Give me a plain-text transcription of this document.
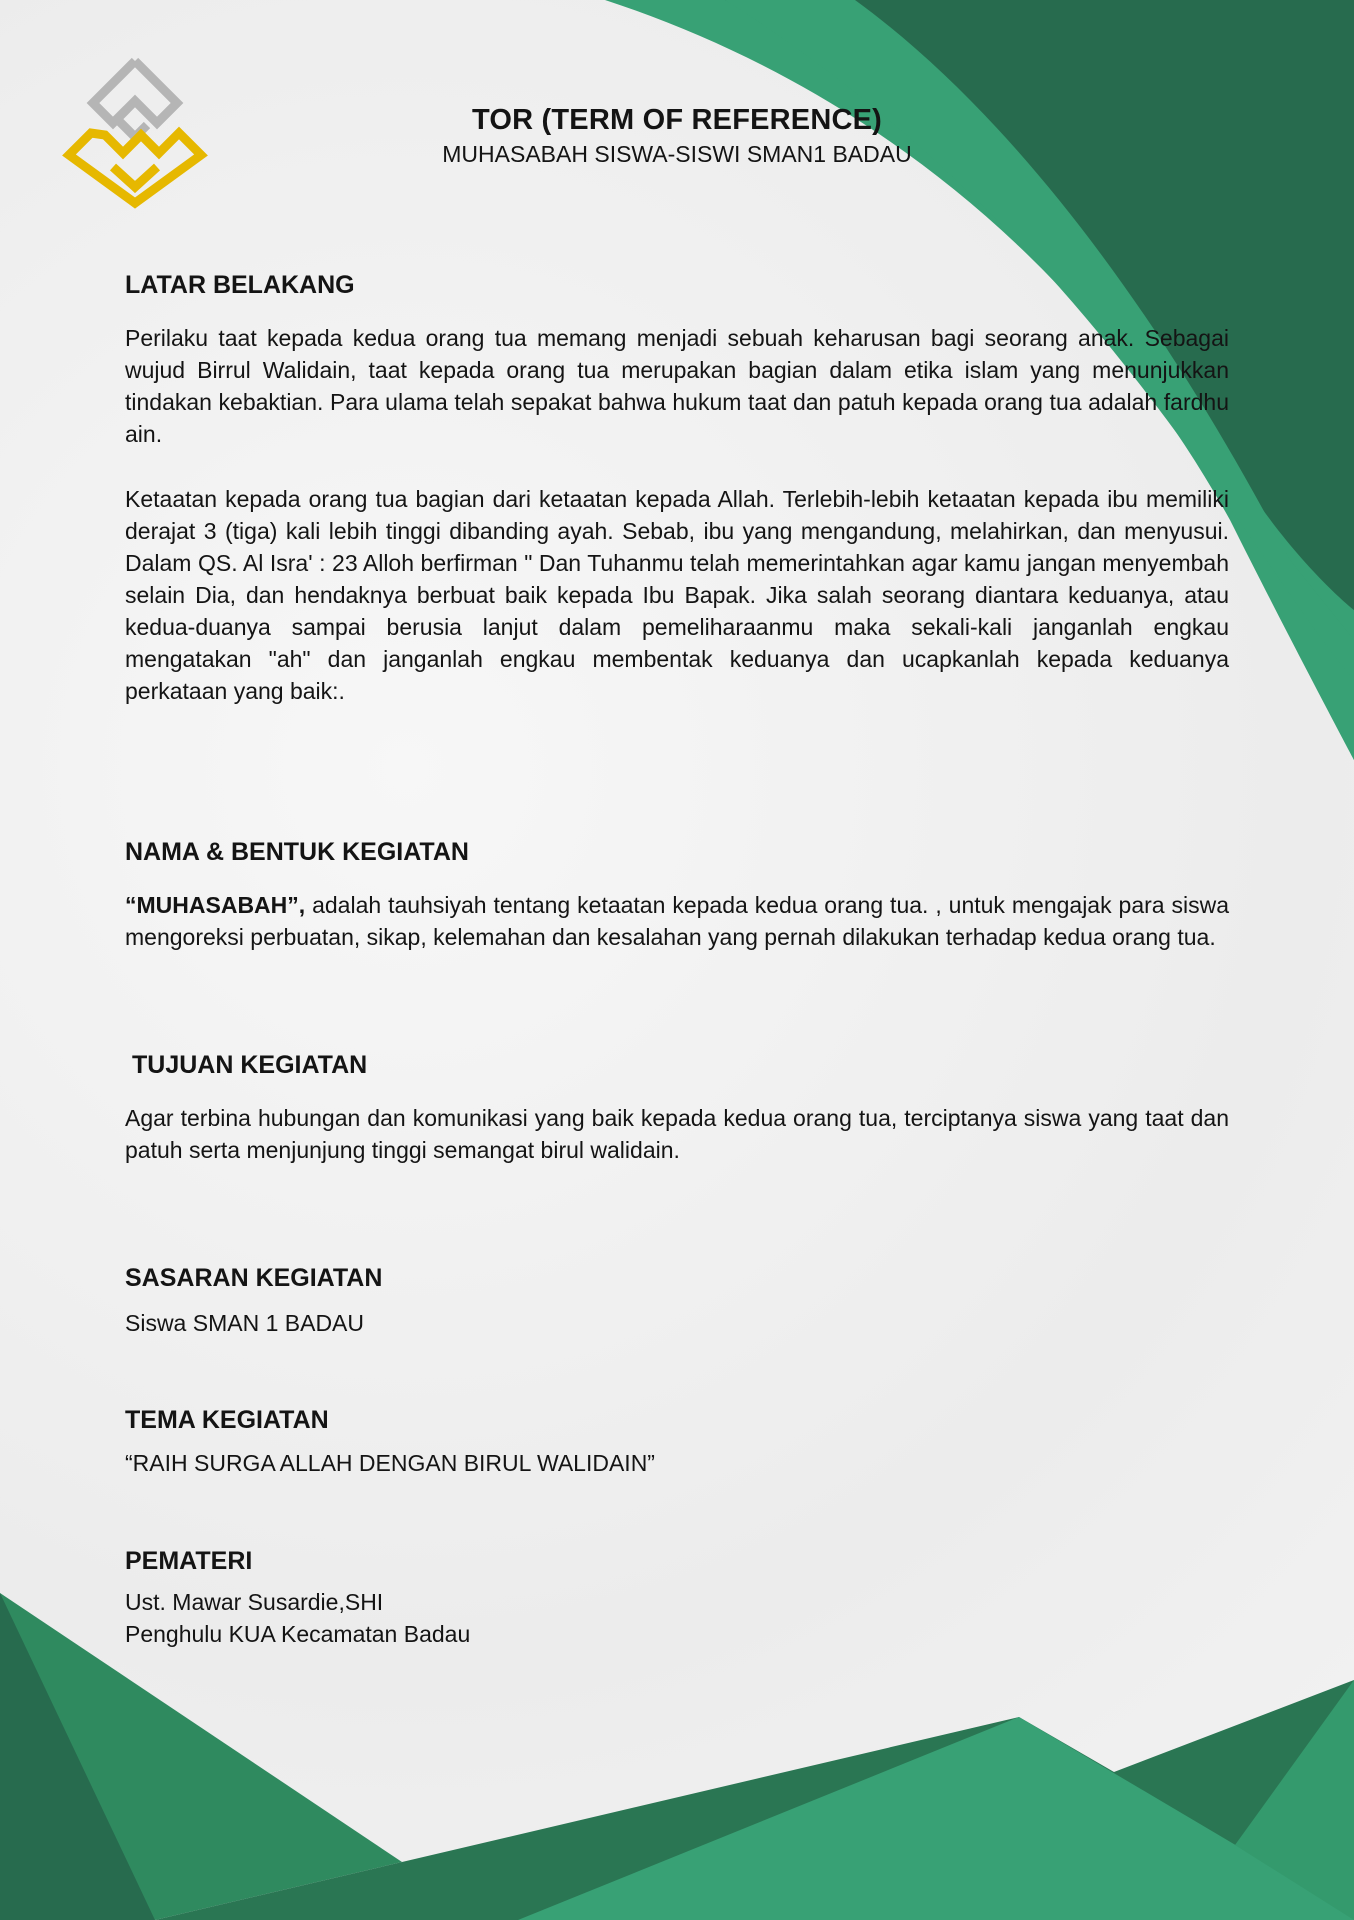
TOR (TERM OF REFERENCE)
MUHASABAH SISWA-SISWI SMAN1 BADAU
LATAR BELAKANG
Perilaku taat kepada kedua orang tua memang menjadi sebuah keharusan bagi seorang anak. Sebagai wujud Birrul Walidain, taat kepada orang tua merupakan bagian dalam etika islam yang menunjukkan tindakan kebaktian. Para ulama telah sepakat bahwa hukum taat dan patuh kepada orang tua adalah fardhu ain.
Ketaatan kepada orang tua bagian dari ketaatan kepada Allah. Terlebih-lebih ketaatan kepada ibu memiliki derajat 3 (tiga) kali lebih tinggi dibanding ayah. Sebab, ibu yang mengandung, melahirkan, dan menyusui. Dalam QS. Al Isra' : 23 Alloh berfirman " Dan Tuhanmu telah memerintahkan agar kamu jangan menyembah selain Dia, dan hendaknya berbuat baik kepada Ibu Bapak. Jika salah seorang diantara keduanya, atau kedua-duanya sampai berusia lanjut dalam pemeliharaanmu maka sekali-kali janganlah engkau mengatakan "ah" dan janganlah engkau membentak keduanya dan ucapkanlah kepada keduanya perkataan yang baik:.
NAMA & BENTUK KEGIATAN
“MUHASABAH”, adalah tauhsiyah tentang ketaatan kepada kedua orang tua. , untuk mengajak para siswa mengoreksi perbuatan, sikap, kelemahan dan kesalahan yang pernah dilakukan terhadap kedua orang tua.
TUJUAN KEGIATAN
Agar terbina hubungan dan komunikasi yang baik kepada kedua orang tua, terciptanya siswa yang taat dan patuh serta menjunjung tinggi semangat birul walidain.
SASARAN KEGIATAN
Siswa SMAN 1 BADAU
TEMA KEGIATAN
“RAIH SURGA ALLAH DENGAN BIRUL WALIDAIN”
PEMATERI
Ust. Mawar Susardie,SHI
Penghulu KUA Kecamatan Badau
